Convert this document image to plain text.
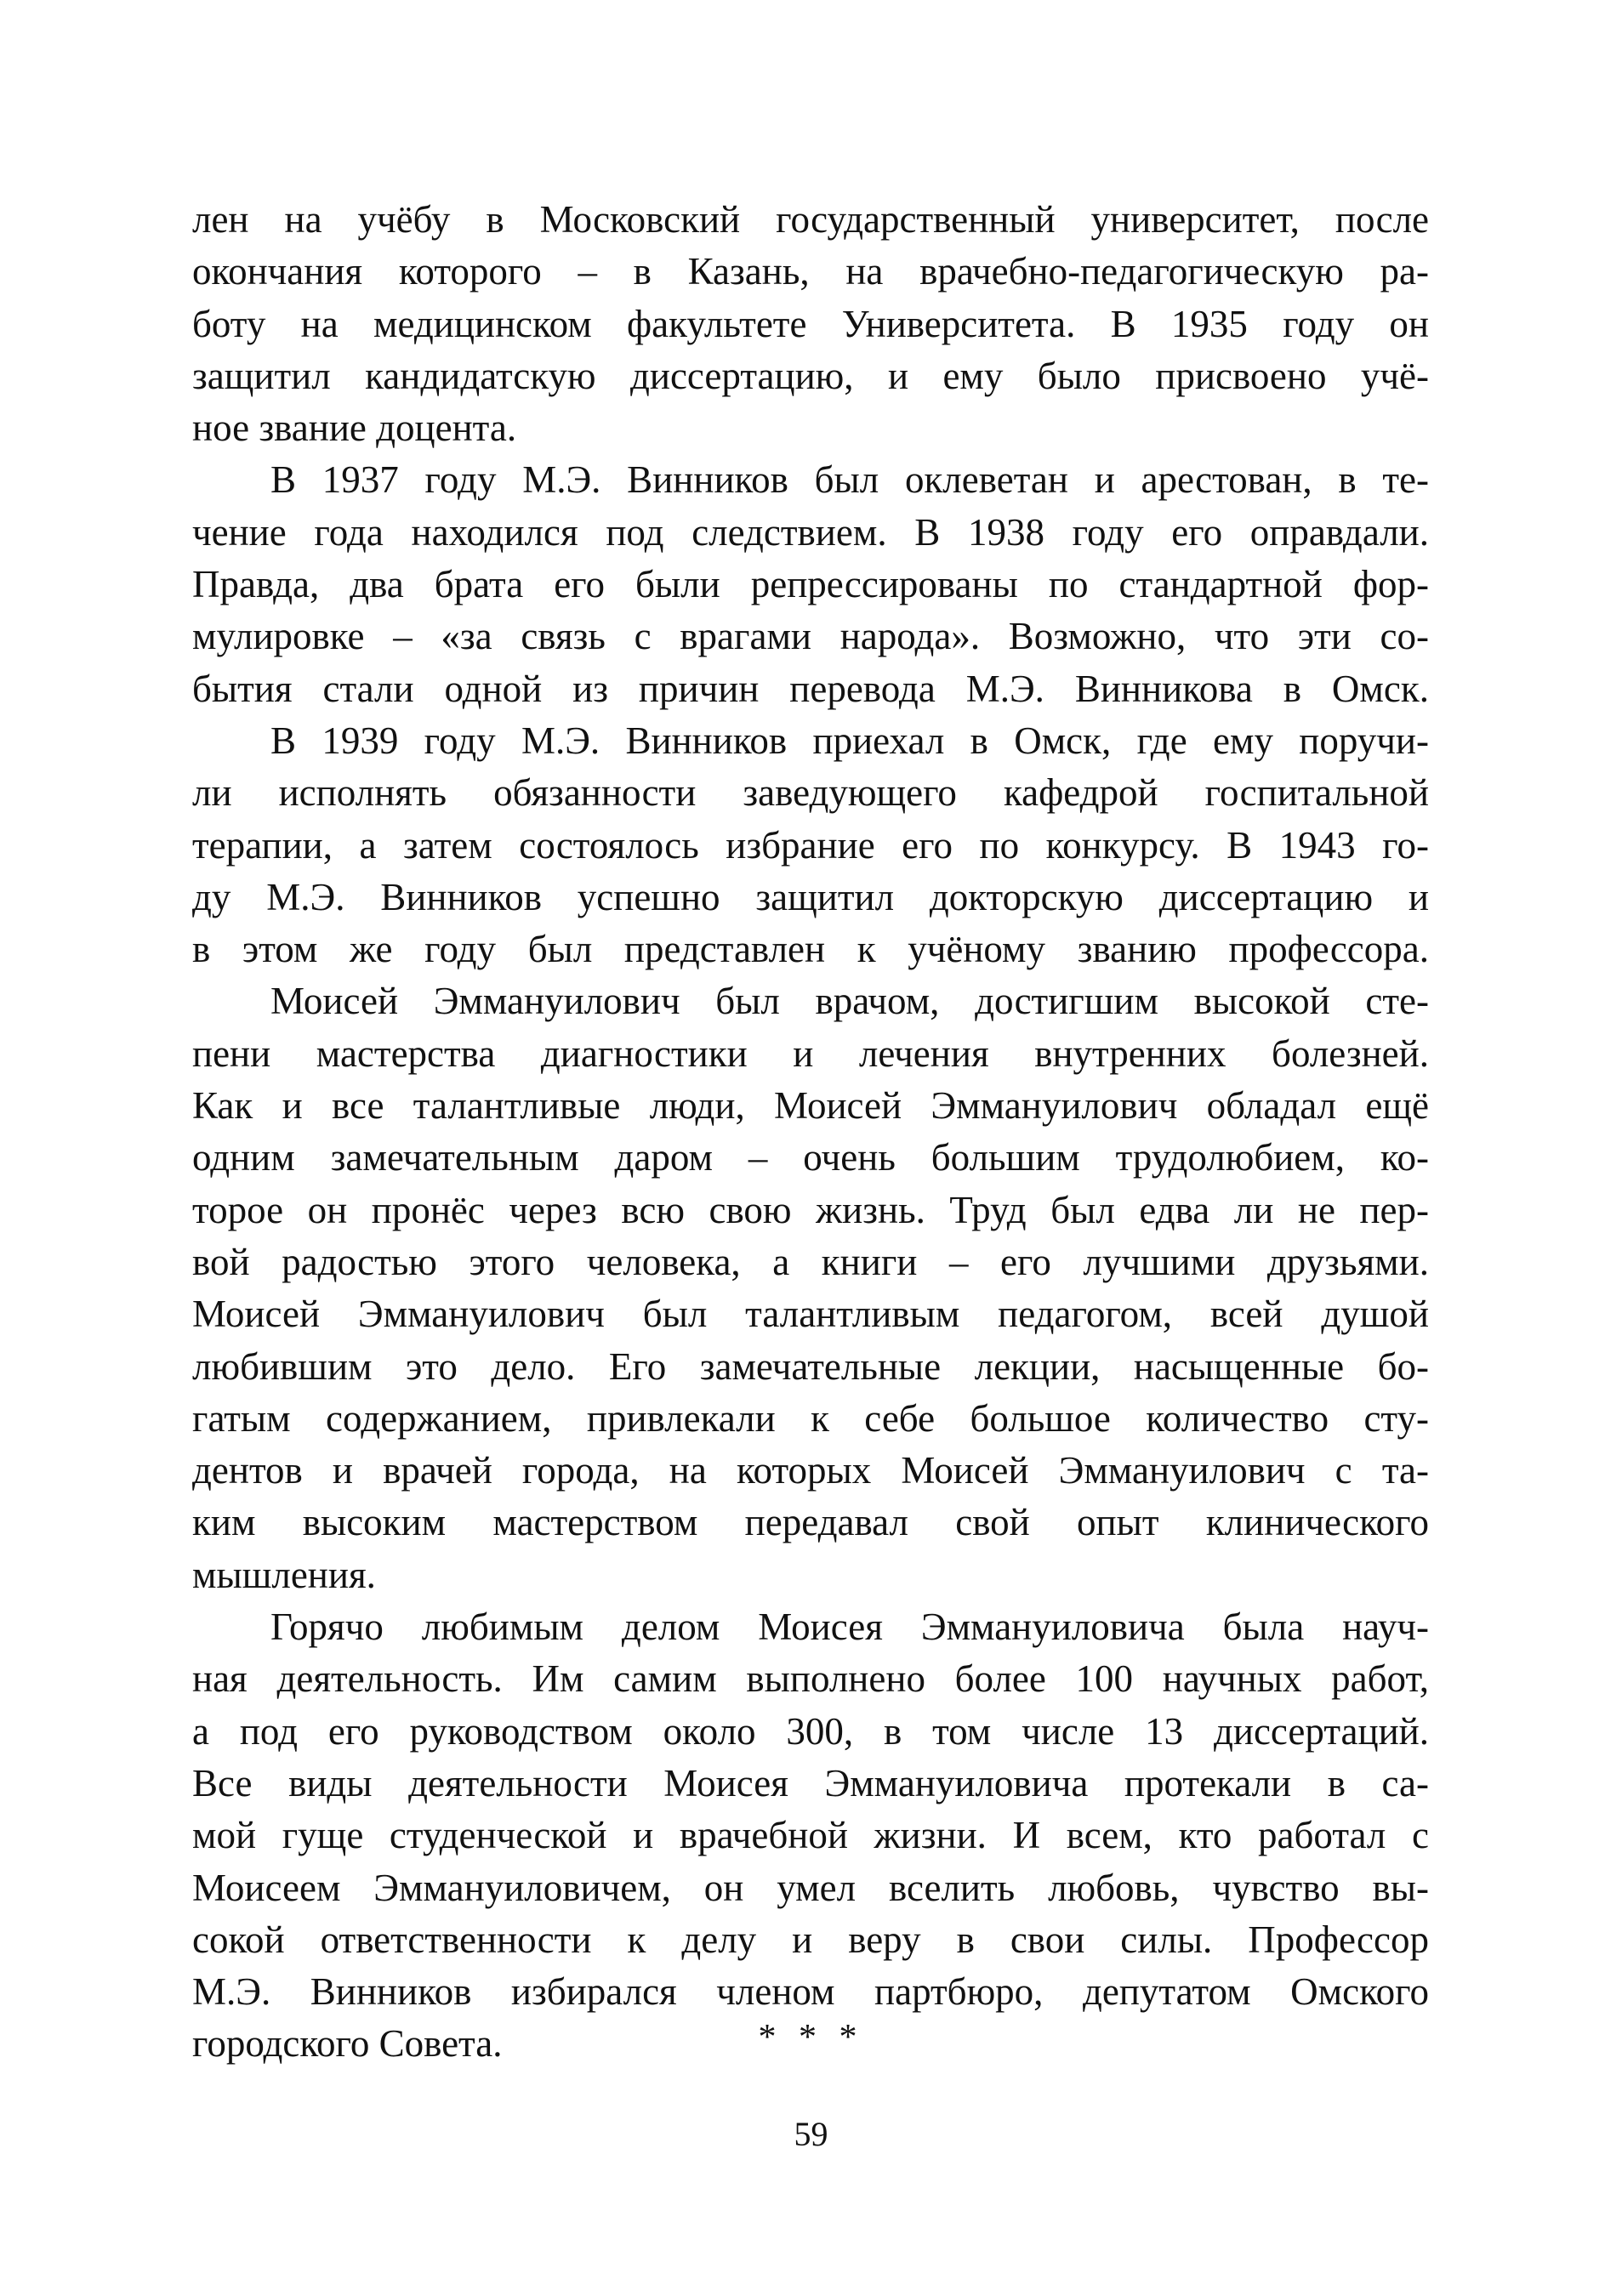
лен на учёбу в Московский государственный университет, после
окончания которого – в Казань, на врачебно-педагогическую ра-
боту на медицинском факультете Университета. В 1935 году он
защитил кандидатскую диссертацию, и ему было присвоено учё-
ное звание доцента.
В 1937 году М.Э. Винников был оклеветан и арестован, в те-
чение года находился под следствием. В 1938 году его оправдали.
Правда, два брата его были репрессированы по стандартной фор-
мулировке – «за связь с врагами народа». Возможно, что эти со-
бытия стали одной из причин перевода М.Э. Винникова в Омск.
В 1939 году М.Э. Винников приехал в Омск, где ему поручи-
ли исполнять обязанности заведующего кафедрой госпитальной
терапии, а затем состоялось избрание его по конкурсу. В 1943 го-
ду М.Э. Винников успешно защитил докторскую диссертацию и
в этом же году был представлен к учёному званию профессора.
Моисей Эммануилович был врачом, достигшим высокой сте-
пени мастерства диагностики и лечения внутренних болезней.
Как и все талантливые люди, Моисей Эммануилович обладал ещё
одним замечательным даром – очень большим трудолюбием, ко-
торое он пронёс через всю свою жизнь. Труд был едва ли не пер-
вой радостью этого человека, а книги – его лучшими друзьями.
Моисей Эммануилович был талантливым педагогом, всей душой
любившим это дело. Его замечательные лекции, насыщенные бо-
гатым содержанием, привлекали к себе большое количество сту-
дентов и врачей города, на которых Моисей Эммануилович с та-
ким высоким мастерством передавал свой опыт клинического
мышления.
Горячо любимым делом Моисея Эммануиловича была науч-
ная деятельность. Им самим выполнено более 100 научных работ,
а под его руководством около 300, в том числе 13 диссертаций.
Все виды деятельности Моисея Эммануиловича протекали в са-
мой гуще студенческой и врачебной жизни. И всем, кто работал с
Моисеем Эммануиловичем, он умел вселить любовь, чувство вы-
сокой ответственности к делу и веру в свои силы. Профессор
М.Э. Винников избирался членом партбюро, депутатом Омского
городского Совета.	* * *
59
